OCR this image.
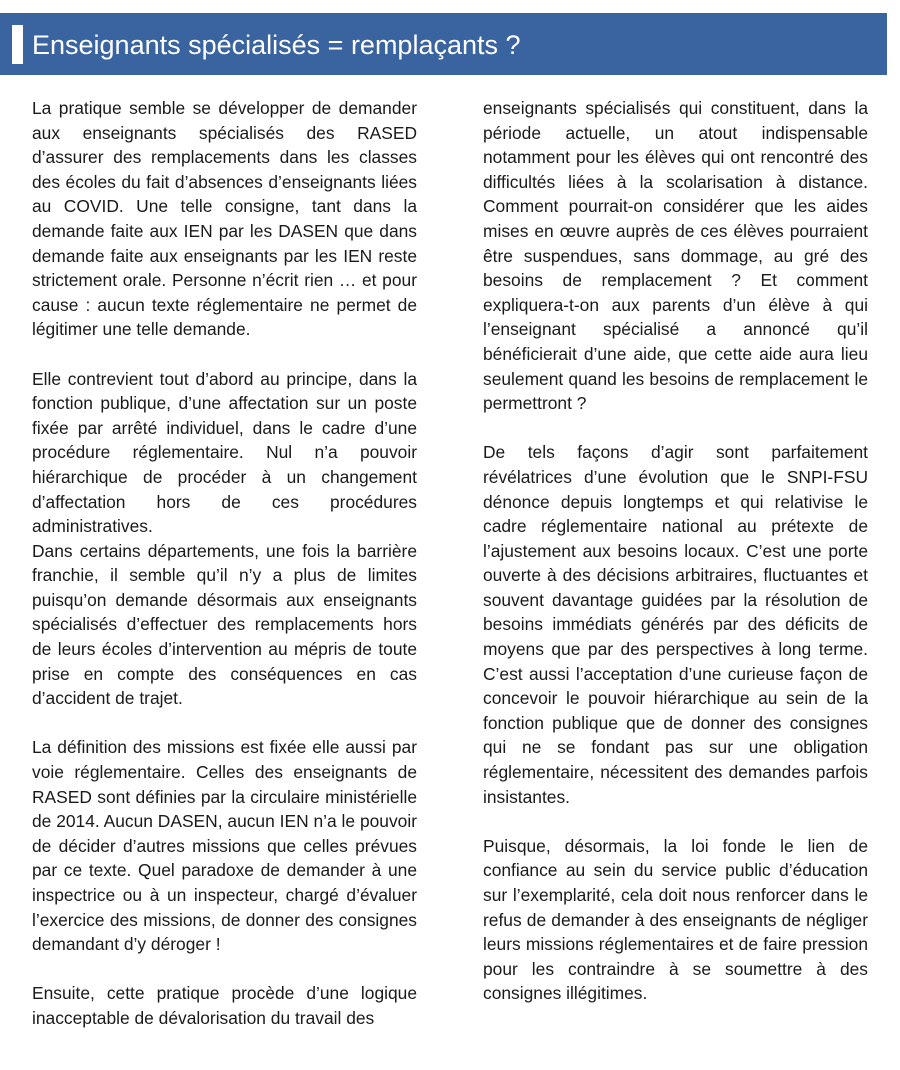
Enseignants spécialisés = remplaçants ?

La pratique semble se développer de demander aux enseignants spécialisés des RASED d’assurer des remplacements dans les classes des écoles du fait d’absences d’enseignants liées au COVID. Une telle consigne, tant dans la demande faite aux IEN par les DASEN que dans demande faite aux enseignants par les IEN reste strictement orale. Personne n’écrit rien … et pour cause : aucun texte réglementaire ne permet de légitimer une telle demande.

Elle contrevient tout d’abord au principe, dans la fonction publique, d’une affectation sur un poste fixée par arrêté individuel, dans le cadre d’une procédure réglementaire. Nul n’a pouvoir hiérarchique de procéder à un changement d’affectation hors de ces procédures administratives.

Dans certains départements, une fois la barrière franchie, il semble qu’il n’y a plus de limites puisqu’on demande désormais aux enseignants spécialisés d’effectuer des remplacements hors de leurs écoles d’intervention au mépris de toute prise en compte des conséquences en cas d’accident de trajet.

La définition des missions est fixée elle aussi par voie réglementaire. Celles des enseignants de RASED sont définies par la circulaire ministérielle de 2014. Aucun DASEN, aucun IEN n’a le pouvoir de décider d’autres missions que celles prévues par ce texte. Quel paradoxe de demander à une inspectrice ou à un inspecteur, chargé d’évaluer l’exercice des missions, de donner des consignes demandant d’y déroger !

Ensuite, cette pratique procède d’une logique inacceptable de dévalorisation du travail des

enseignants spécialisés qui constituent, dans la période actuelle, un atout indispensable notamment pour les élèves qui ont rencontré des difficultés liées à la scolarisation à distance. Comment pourrait-on considérer que les aides mises en œuvre auprès de ces élèves pourraient être suspendues, sans dommage, au gré des besoins de remplacement ? Et comment expliquera-t-on aux parents d’un élève à qui l’enseignant spécialisé a annoncé qu’il bénéficierait d’une aide, que cette aide aura lieu seulement quand les besoins de remplacement le permettront ?

De tels façons d’agir sont parfaitement révélatrices d’une évolution que le SNPI-FSU dénonce depuis longtemps et qui relativise le cadre réglementaire national au prétexte de l’ajustement aux besoins locaux. C’est une porte ouverte à des décisions arbitraires, fluctuantes et souvent davantage guidées par la résolution de besoins immédiats générés par des déficits de moyens que par des perspectives à long terme. C’est aussi l’acceptation d’une curieuse façon de concevoir le pouvoir hiérarchique au sein de la fonction publique que de donner des consignes qui ne se fondant pas sur une obligation réglementaire, nécessitent des demandes parfois insistantes.

Puisque, désormais, la loi fonde le lien de confiance au sein du service public d’éducation sur l’exemplarité, cela doit nous renforcer dans le refus de demander à des enseignants de négliger leurs missions réglementaires et de faire pression pour les contraindre à se soumettre à des consignes illégitimes.
